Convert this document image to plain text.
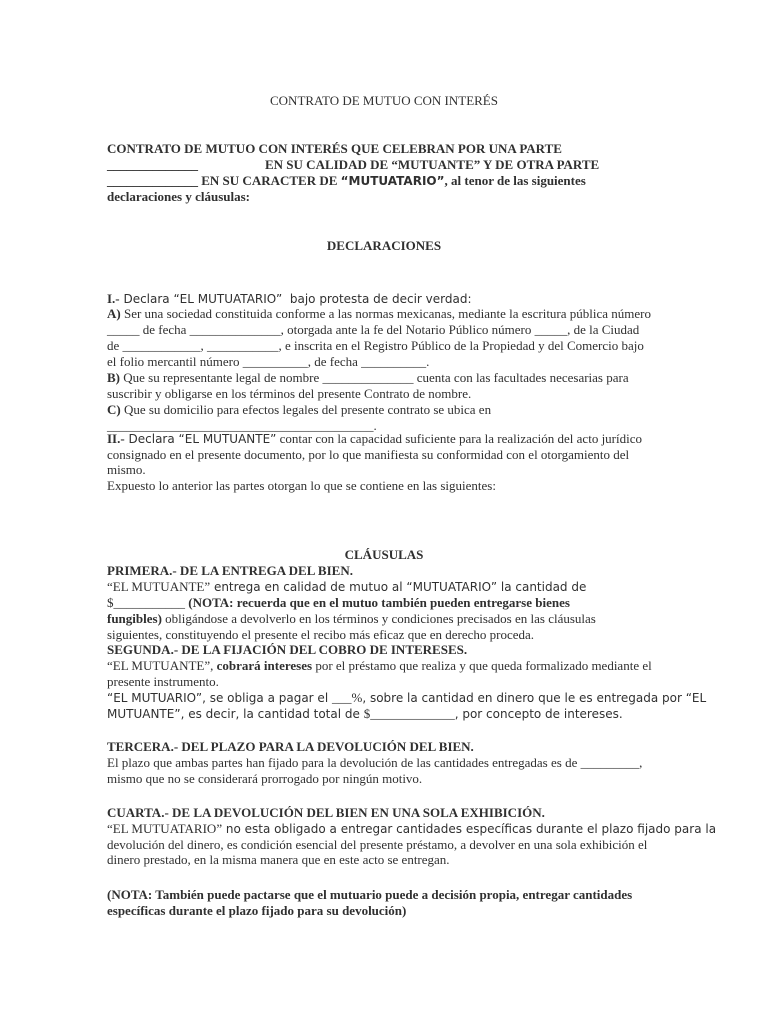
CONTRATO DE MUTUO CON INTERÉS
CONTRATO DE MUTUO CON INTERÉS QUE CELEBRAN POR UNA PARTE
______________	EN SU CALIDAD DE “MUTUANTE” Y DE OTRA PARTE
______________ EN SU CARACTER DE “MUTUATARIO”, al tenor de las siguientes
declaraciones y cláusulas:
DECLARACIONES
I.- Declara “EL MUTUATARIO”  bajo protesta de decir verdad:
A) Ser una sociedad constituida conforme a las normas mexicanas, mediante la escritura pública número
_____ de fecha ______________, otorgada ante la fe del Notario Público número _____, de la Ciudad
de ____________, ___________, e inscrita en el Registro Público de la Propiedad y del Comercio bajo
el folio mercantil número __________, de fecha __________.
B) Que su representante legal de nombre ______________ cuenta con las facultades necesarias para
suscribir y obligarse en los términos del presente Contrato de nombre.
C) Que su domicilio para efectos legales del presente contrato se ubica en
_________________________________________.
II.- Declara “EL MUTUANTE” contar con la capacidad suficiente para la realización del acto jurídico
consignado en el presente documento, por lo que manifiesta su conformidad con el otorgamiento del
mismo.
Expuesto lo anterior las partes otorgan lo que se contiene en las siguientes:
CLÁUSULAS
PRIMERA.- DE LA ENTREGA DEL BIEN.
“EL MUTUANTE” entrega en calidad de mutuo al “MUTUATARIO” la cantidad de
$___________ (NOTA: recuerda que en el mutuo también pueden entregarse bienes
fungibles) obligándose a devolverlo en los términos y condiciones precisados en las cláusulas
siguientes, constituyendo el presente el recibo más eficaz que en derecho proceda.
SEGUNDA.- DE LA FIJACIÓN DEL COBRO DE INTERESES.
“EL MUTUANTE”, cobrará intereses por el préstamo que realiza y que queda formalizado mediante el
presente instrumento.
“EL MUTUARIO”, se obliga a pagar el ___%, sobre la cantidad en dinero que le es entregada por “EL
MUTUANTE”, es decir, la cantidad total de $_____________, por concepto de intereses.
TERCERA.- DEL PLAZO PARA LA DEVOLUCIÓN DEL BIEN.
El plazo que ambas partes han fijado para la devolución de las cantidades entregadas es de _________,
mismo que no se considerará prorrogado por ningún motivo.
CUARTA.- DE LA DEVOLUCIÓN DEL BIEN EN UNA SOLA EXHIBICIÓN.
“EL MUTUATARIO” no esta obligado a entregar cantidades específicas durante el plazo fijado para la
devolución del dinero, es condición esencial del presente préstamo, a devolver en una sola exhibición el
dinero prestado, en la misma manera que en este acto se entregan.
(NOTA: También puede pactarse que el mutuario puede a decisión propia, entregar cantidades
específicas durante el plazo fijado para su devolución)
